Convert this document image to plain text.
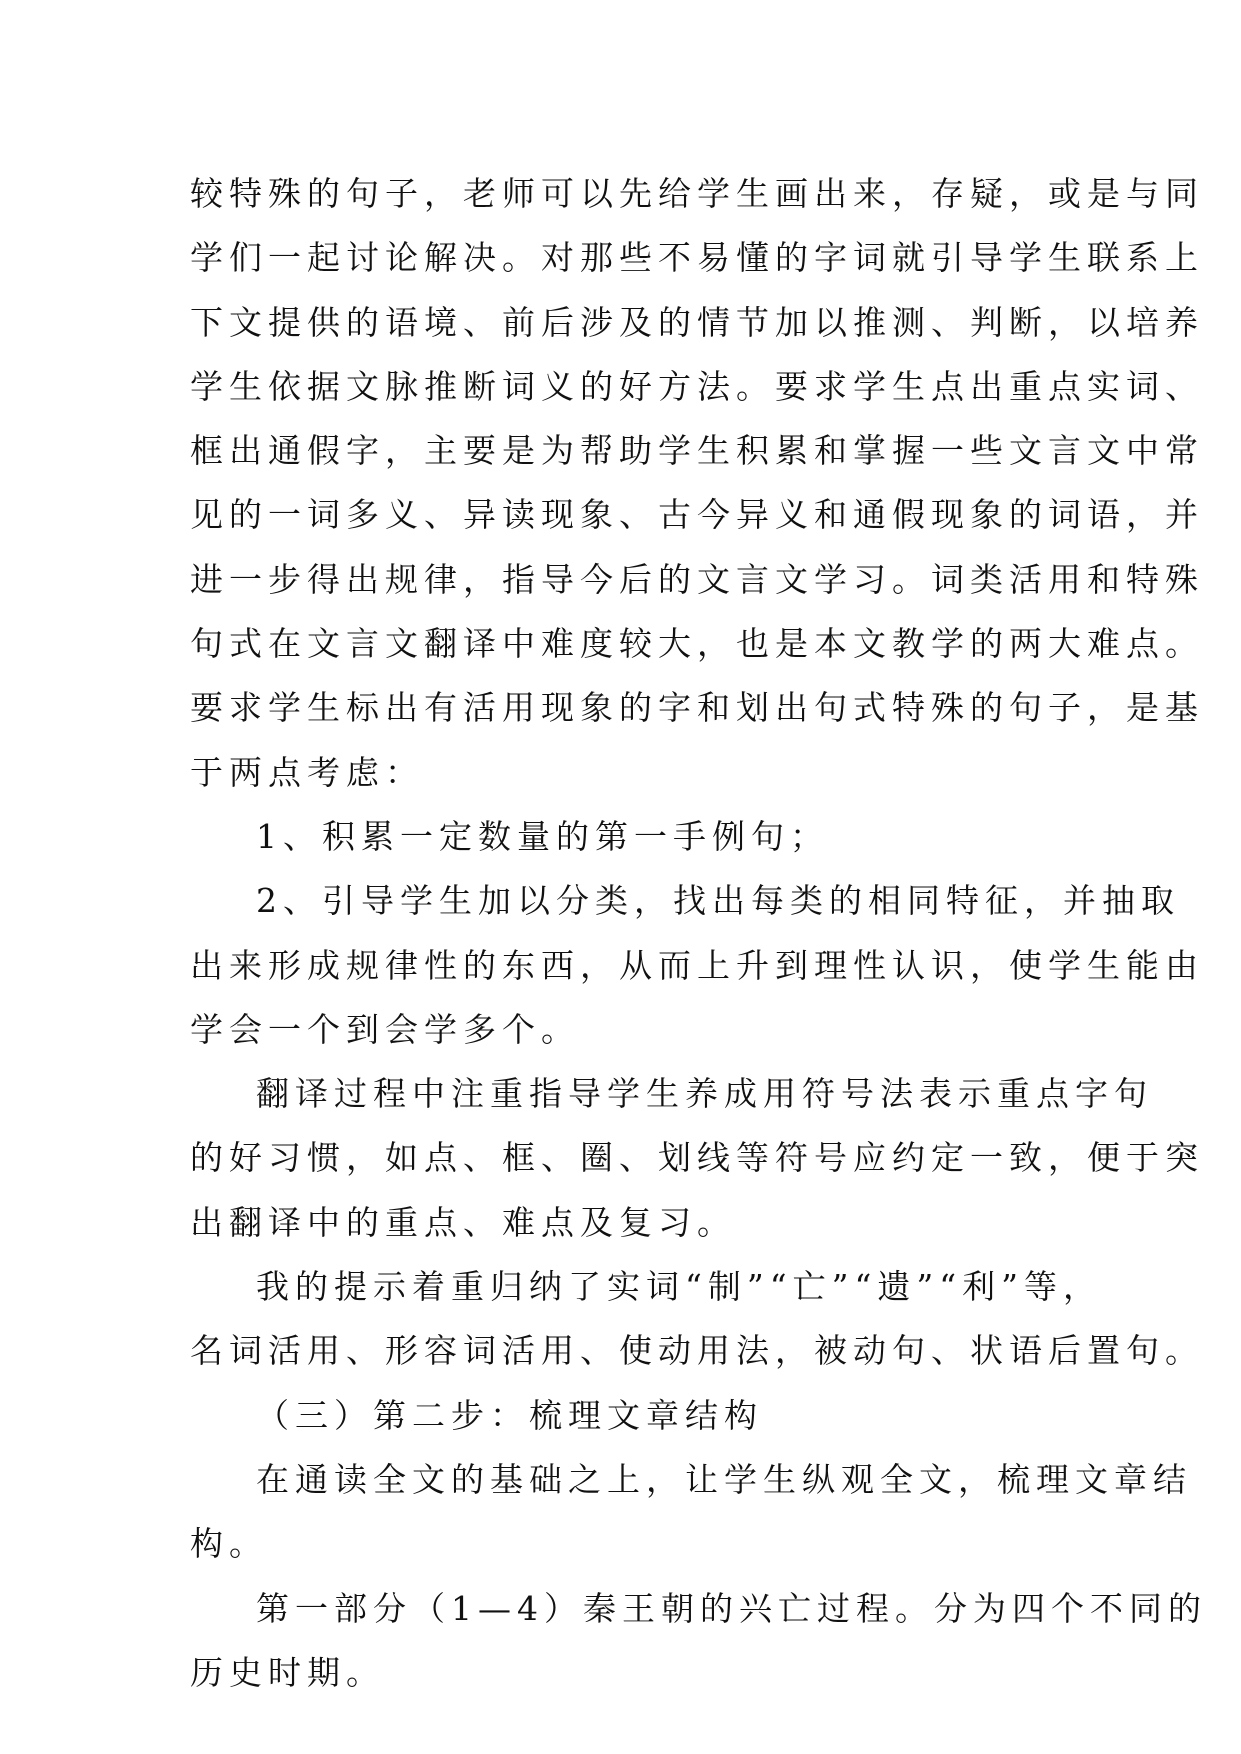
较特殊的句子，老师可以先给学生画出来，存疑，或是与同
学们一起讨论解决。对那些不易懂的字词就引导学生联系上
下文提供的语境、前后涉及的情节加以推测、判断，以培养
学生依据文脉推断词义的好方法。要求学生点出重点实词、
框出通假字，主要是为帮助学生积累和掌握一些文言文中常
见的一词多义、异读现象、古今异义和通假现象的词语，并
进一步得出规律，指导今后的文言文学习。词类活用和特殊
句式在文言文翻译中难度较大，也是本文教学的两大难点。
要求学生标出有活用现象的字和划出句式特殊的句子，是基
于两点考虑：
1、积累一定数量的第一手例句；
2、引导学生加以分类，找出每类的相同特征，并抽取
出来形成规律性的东西，从而上升到理性认识，使学生能由
学会一个到会学多个。
翻译过程中注重指导学生养成用符号法表示重点字句
的好习惯，如点、框、圈、划线等符号应约定一致，便于突
出翻译中的重点、难点及复习。
我的提示着重归纳了实词“制”“亡”“遗”“利”等，
名词活用、形容词活用、使动用法，被动句、状语后置句。
（三）第二步：梳理文章结构
在通读全文的基础之上，让学生纵观全文，梳理文章结
构。
第一部分（1—4）秦王朝的兴亡过程。分为四个不同的
历史时期。
